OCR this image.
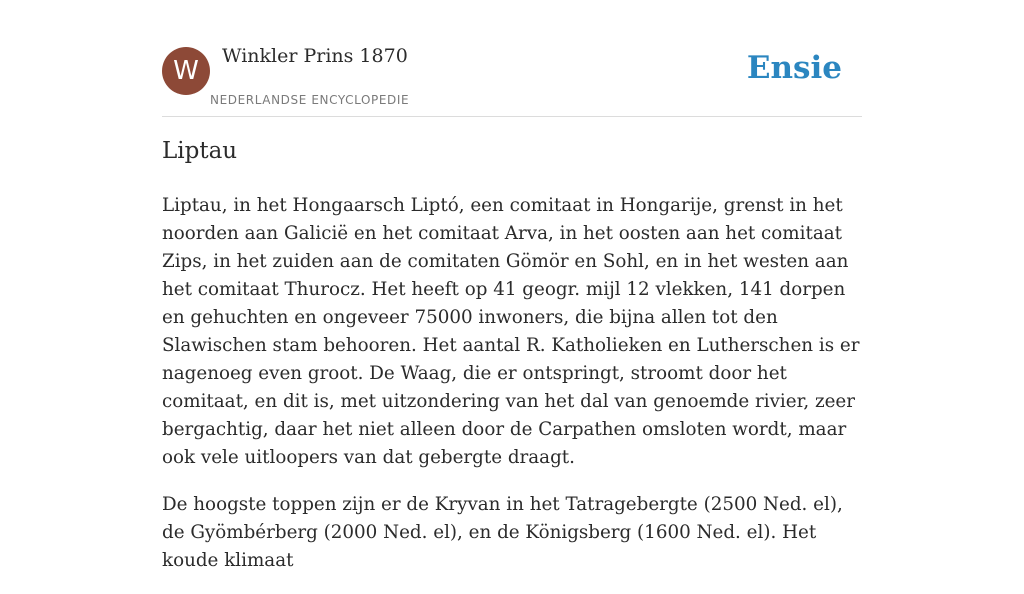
W	Winkler Prins 1870
NEDERLANDSE ENCYCLOPEDIE
Ensie
Liptau

Liptau, in het Hongaarsch Liptó, een comitaat in Hongarije, grenst in het noorden aan Galicië en het comitaat Arva, in het oosten aan het comitaat Zips, in het zuiden aan de comitaten Gömör en Sohl, en in het westen aan het comitaat Thurocz. Het heeft op 41 geogr. mijl 12 vlekken, 141 dorpen en gehuchten en ongeveer 75000 inwoners, die bijna allen tot den Slawischen stam behooren. Het aantal R. Katholieken en Lutherschen is er nagenoeg even groot. De Waag, die er ontspringt, stroomt door het comitaat, en dit is, met uitzondering van het dal van genoemde rivier, zeer bergachtig, daar het niet alleen door de Carpathen omsloten wordt, maar ook vele uitloopers van dat gebergte draagt.

De hoogste toppen zijn er de Kryvan in het Tatragebergte (2500 Ned. el), de Gyömbérberg (2000 Ned. el), en de Königsberg (1600 Ned. el). Het koude klimaat
